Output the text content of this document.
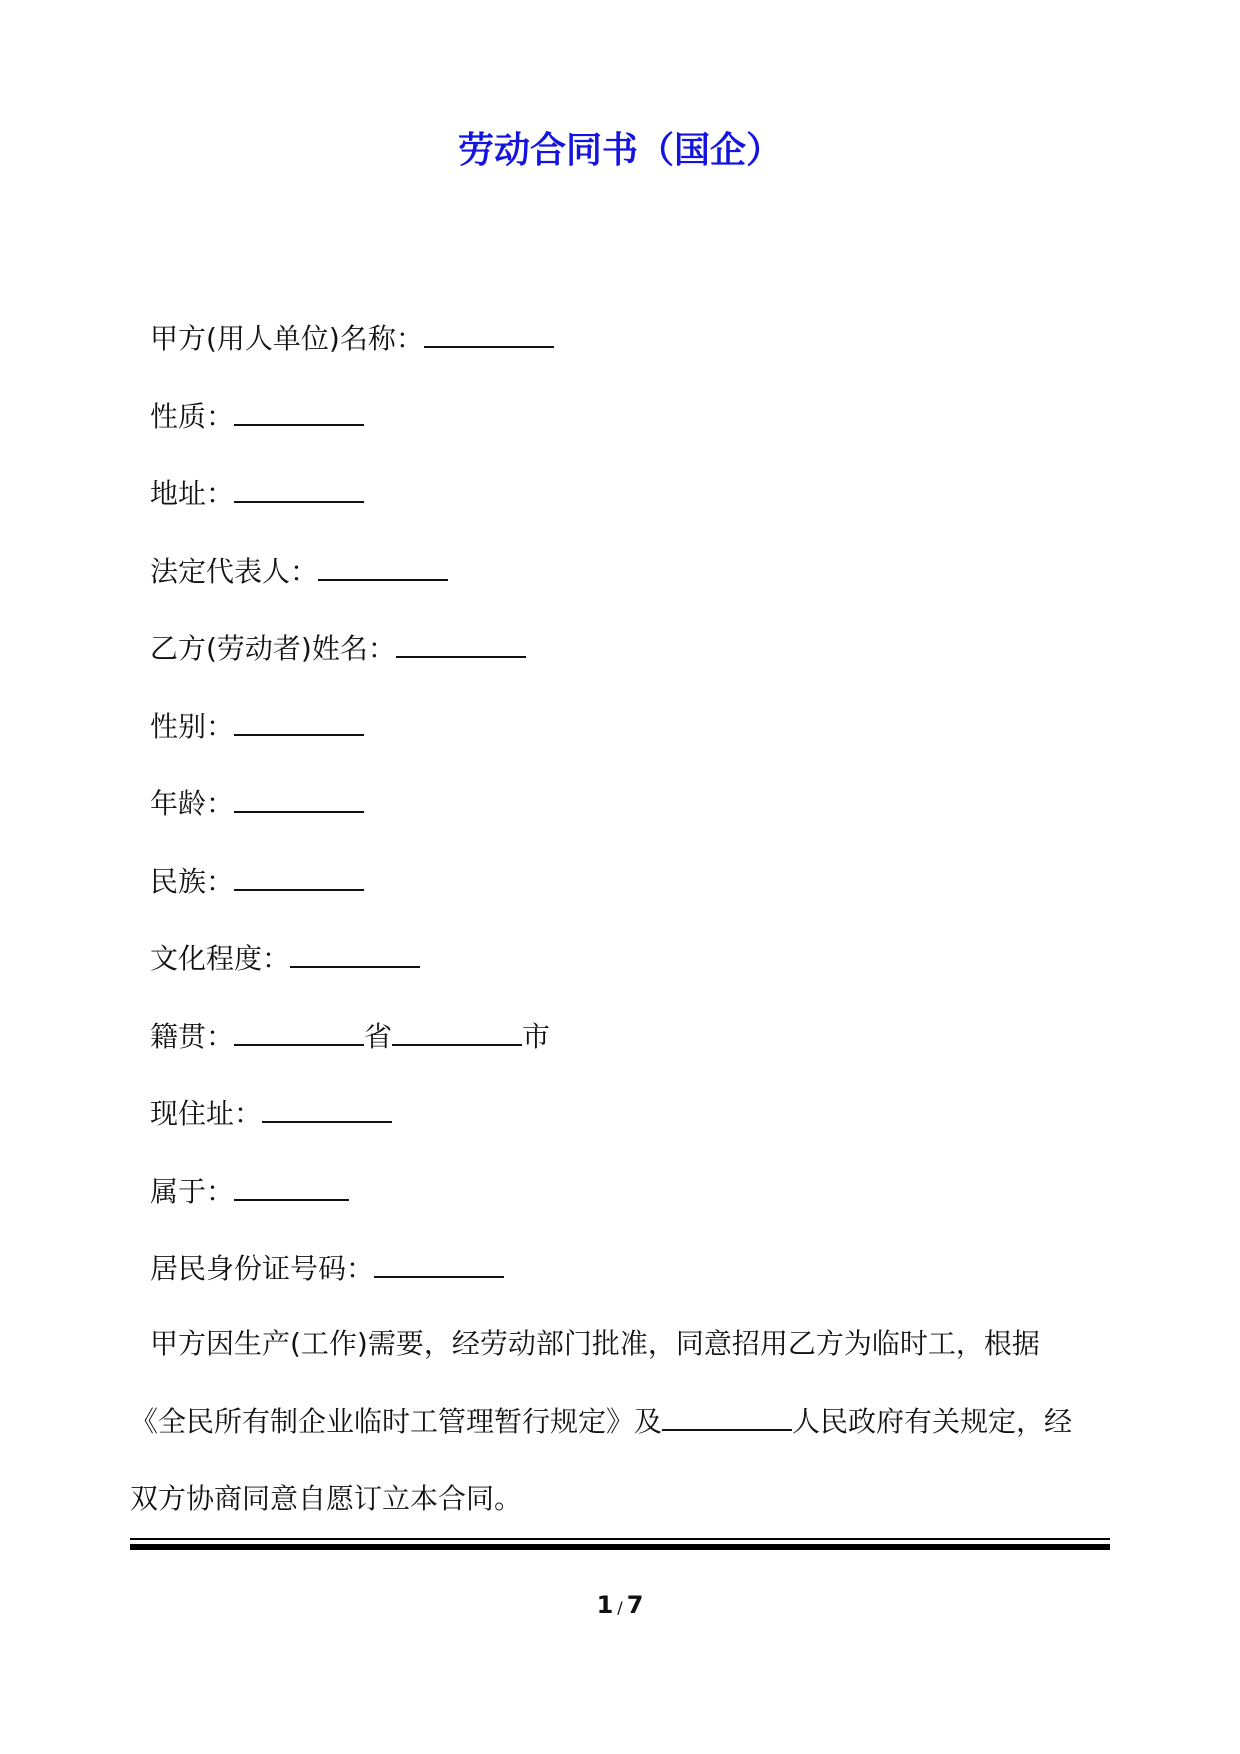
劳动合同书（国企）
甲方(用人单位)名称：
性质：
地址：
法定代表人：
乙方(劳动者)姓名：
性别：
年龄：
民族：
文化程度：
籍贯：	省	市
现住址：
属于：
居民身份证号码：

甲方因生产(工作)需要，经劳动部门批准，同意招用乙方为临时工，根据

《全民所有制企业临时工管理暂行规定》及	人民政府有关规定，经

双方协商同意自愿订立本合同。

1 / 7
